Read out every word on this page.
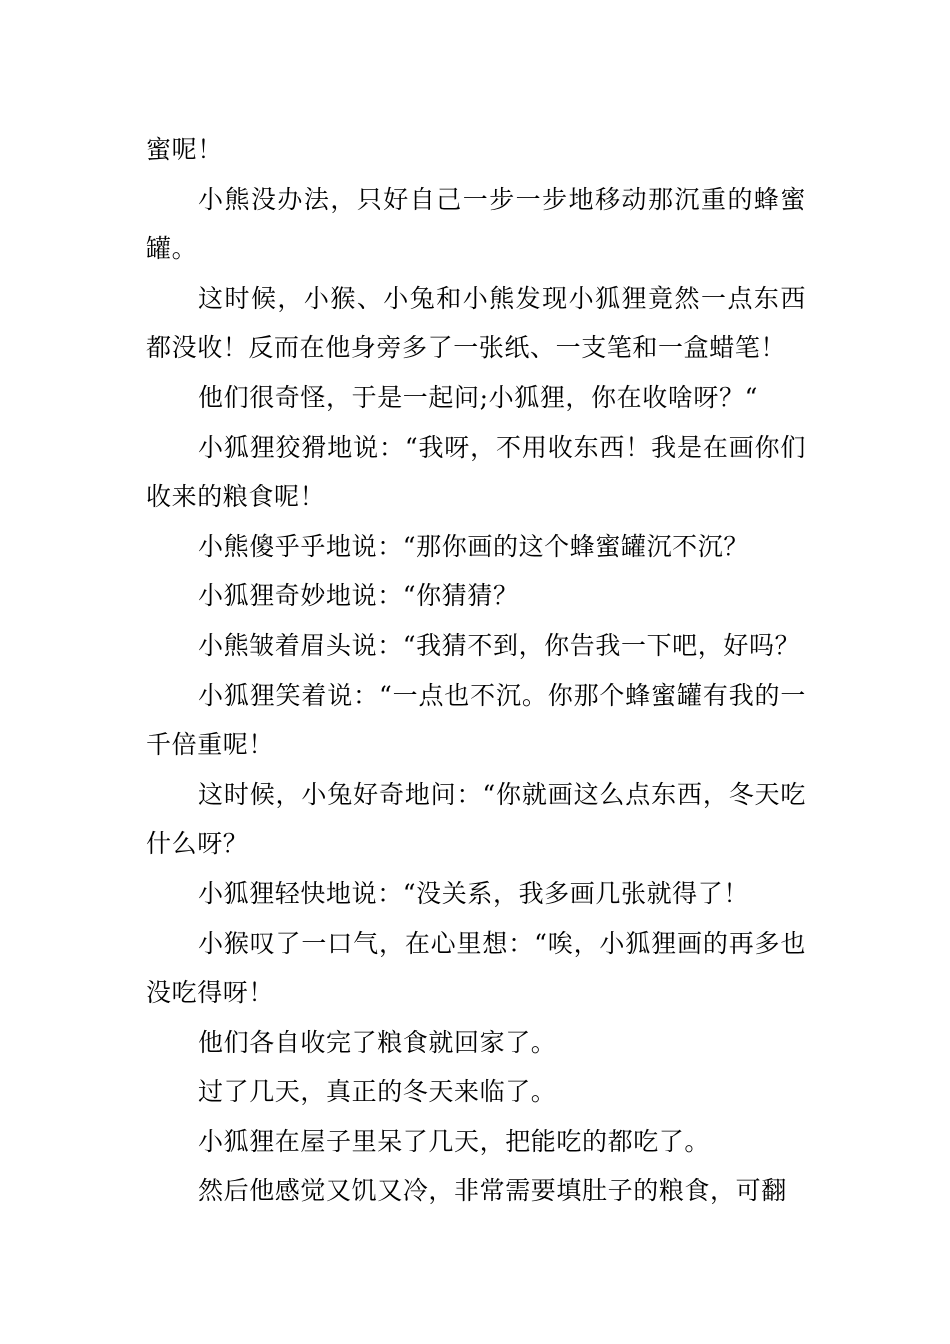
蜜呢！

小熊没办法，只好自己一步一步地移动那沉重的蜂蜜罐。

这时候，小猴、小兔和小熊发现小狐狸竟然一点东西都没收！反而在他身旁多了一张纸、一支笔和一盒蜡笔！

他们很奇怪，于是一起问;小狐狸，你在收啥呀？“

小狐狸狡猾地说：“我呀，不用收东西！我是在画你们收来的粮食呢！

小熊傻乎乎地说：“那你画的这个蜂蜜罐沉不沉？

小狐狸奇妙地说：“你猜猜？

小熊皱着眉头说：“我猜不到，你告我一下吧，好吗？

小狐狸笑着说：“一点也不沉。你那个蜂蜜罐有我的一千倍重呢！

这时候，小兔好奇地问：“你就画这么点东西，冬天吃什么呀？

小狐狸轻快地说：“没关系，我多画几张就得了！

小猴叹了一口气，在心里想：“唉，小狐狸画的再多也没吃得呀！

他们各自收完了粮食就回家了。

过了几天，真正的冬天来临了。

小狐狸在屋子里呆了几天，把能吃的都吃了。

然后他感觉又饥又冷，非常需要填肚子的粮食，可翻
